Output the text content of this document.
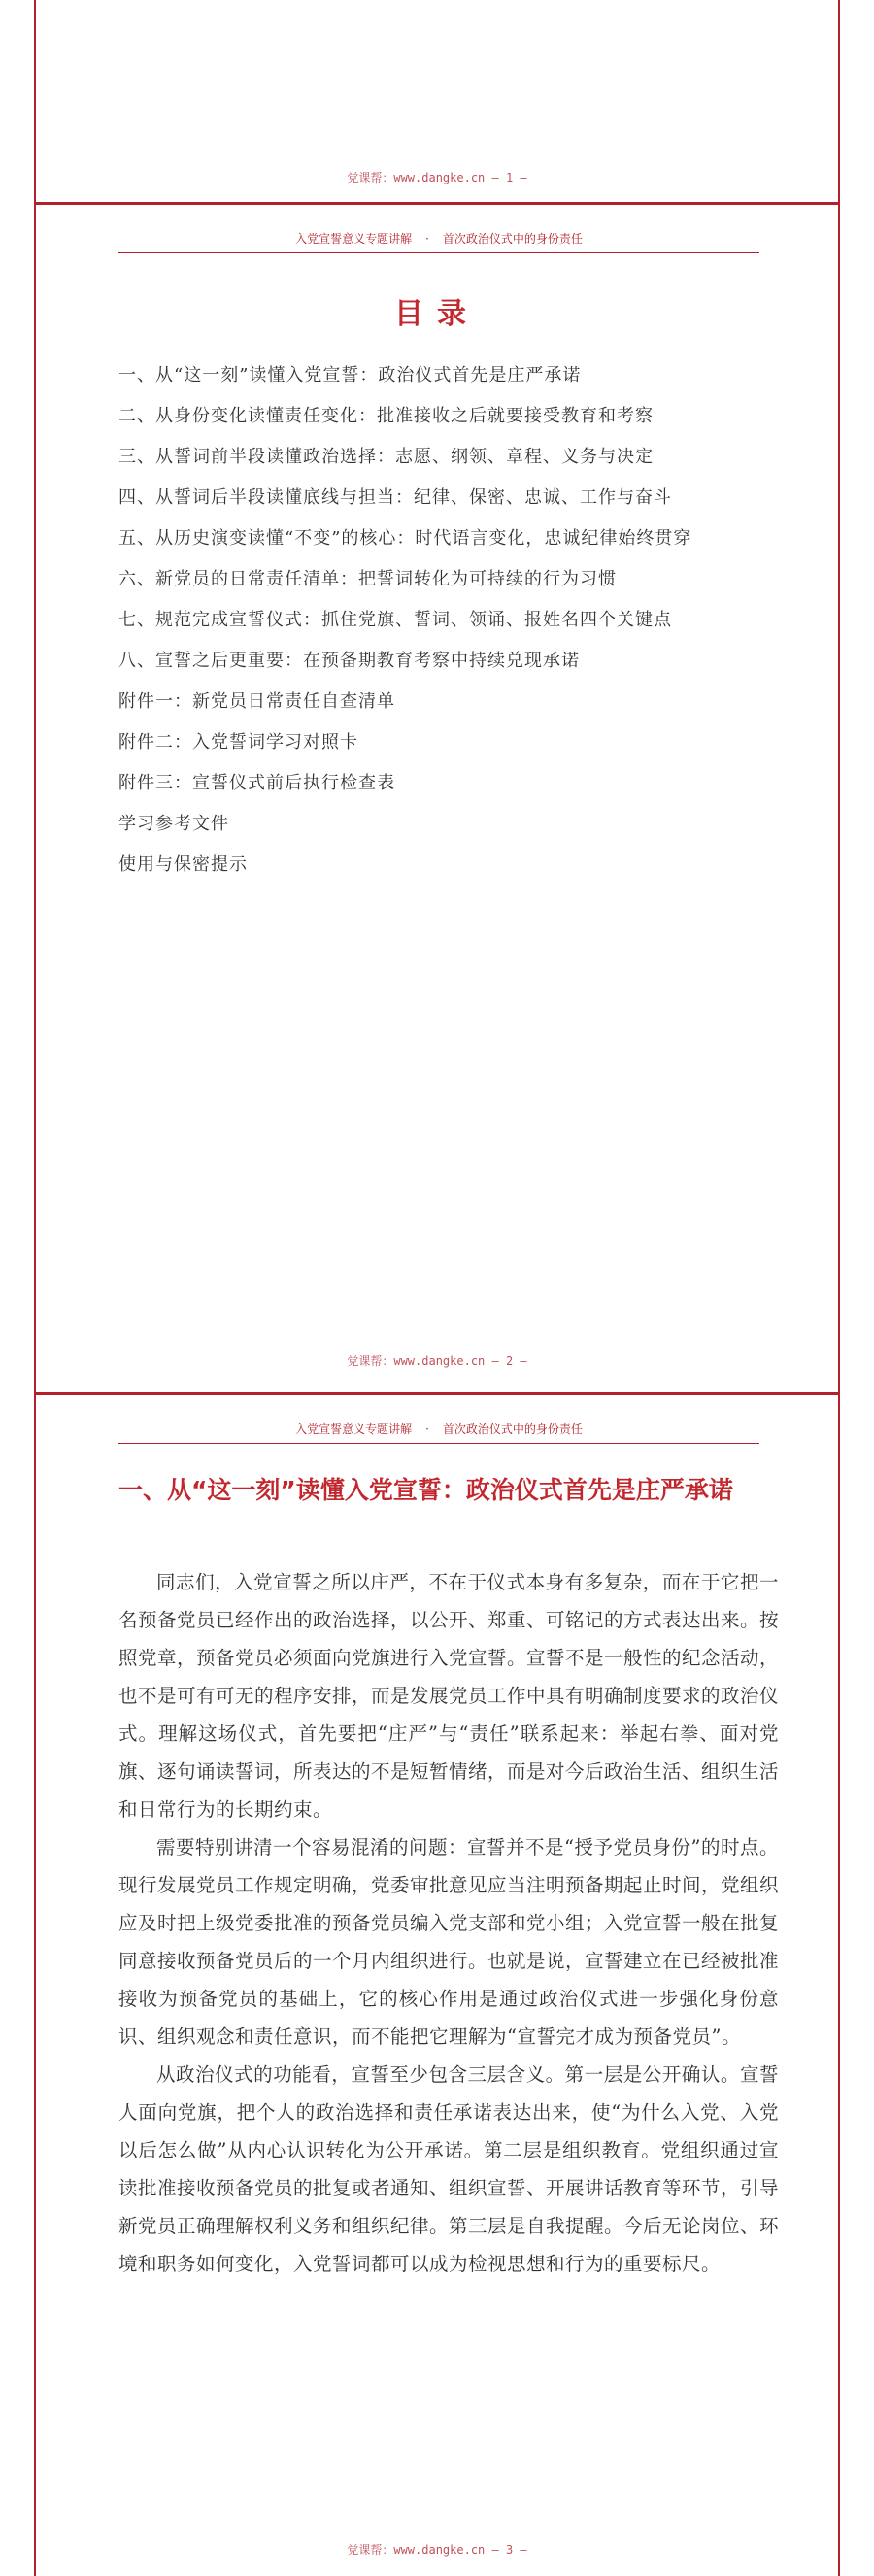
党课帮：www.dangke.cn — 1 —
入党宣誓意义专题讲解 · 首次政治仪式中的身份责任
目录
一、从“这一刻”读懂入党宣誓：政治仪式首先是庄严承诺
二、从身份变化读懂责任变化：批准接收之后就要接受教育和考察
三、从誓词前半段读懂政治选择：志愿、纲领、章程、义务与决定
四、从誓词后半段读懂底线与担当：纪律、保密、忠诚、工作与奋斗
五、从历史演变读懂“不变”的核心：时代语言变化，忠诚纪律始终贯穿
六、新党员的日常责任清单：把誓词转化为可持续的行为习惯
七、规范完成宣誓仪式：抓住党旗、誓词、领诵、报姓名四个关键点
八、宣誓之后更重要：在预备期教育考察中持续兑现承诺
附件一：新党员日常责任自查清单
附件二：入党誓词学习对照卡
附件三：宣誓仪式前后执行检查表
学习参考文件
使用与保密提示
党课帮：www.dangke.cn — 2 —
入党宣誓意义专题讲解 · 首次政治仪式中的身份责任
一、从“这一刻”读懂入党宣誓：政治仪式首先是庄严承诺

同志们，入党宣誓之所以庄严，不在于仪式本身有多复杂，而在于它把一名预备党员已经作出的政治选择，以公开、郑重、可铭记的方式表达出来。按照党章，预备党员必须面向党旗进行入党宣誓。宣誓不是一般性的纪念活动，也不是可有可无的程序安排，而是发展党员工作中具有明确制度要求的政治仪式。理解这场仪式，首先要把“庄严”与“责任”联系起来：举起右拳、面对党旗、逐句诵读誓词，所表达的不是短暂情绪，而是对今后政治生活、组织生活和日常行为的长期约束。

需要特别讲清一个容易混淆的问题：宣誓并不是“授予党员身份”的时点。现行发展党员工作规定明确，党委审批意见应当注明预备期起止时间，党组织应及时把上级党委批准的预备党员编入党支部和党小组；入党宣誓一般在批复同意接收预备党员后的一个月内组织进行。也就是说，宣誓建立在已经被批准接收为预备党员的基础上，它的核心作用是通过政治仪式进一步强化身份意识、组织观念和责任意识，而不能把它理解为“宣誓完才成为预备党员”。

从政治仪式的功能看，宣誓至少包含三层含义。第一层是公开确认。宣誓人面向党旗，把个人的政治选择和责任承诺表达出来，使“为什么入党、入党以后怎么做”从内心认识转化为公开承诺。第二层是组织教育。党组织通过宣读批准接收预备党员的批复或者通知、组织宣誓、开展讲话教育等环节，引导新党员正确理解权利义务和组织纪律。第三层是自我提醒。今后无论岗位、环境和职务如何变化，入党誓词都可以成为检视思想和行为的重要标尺。

党课帮：www.dangke.cn — 3 —
